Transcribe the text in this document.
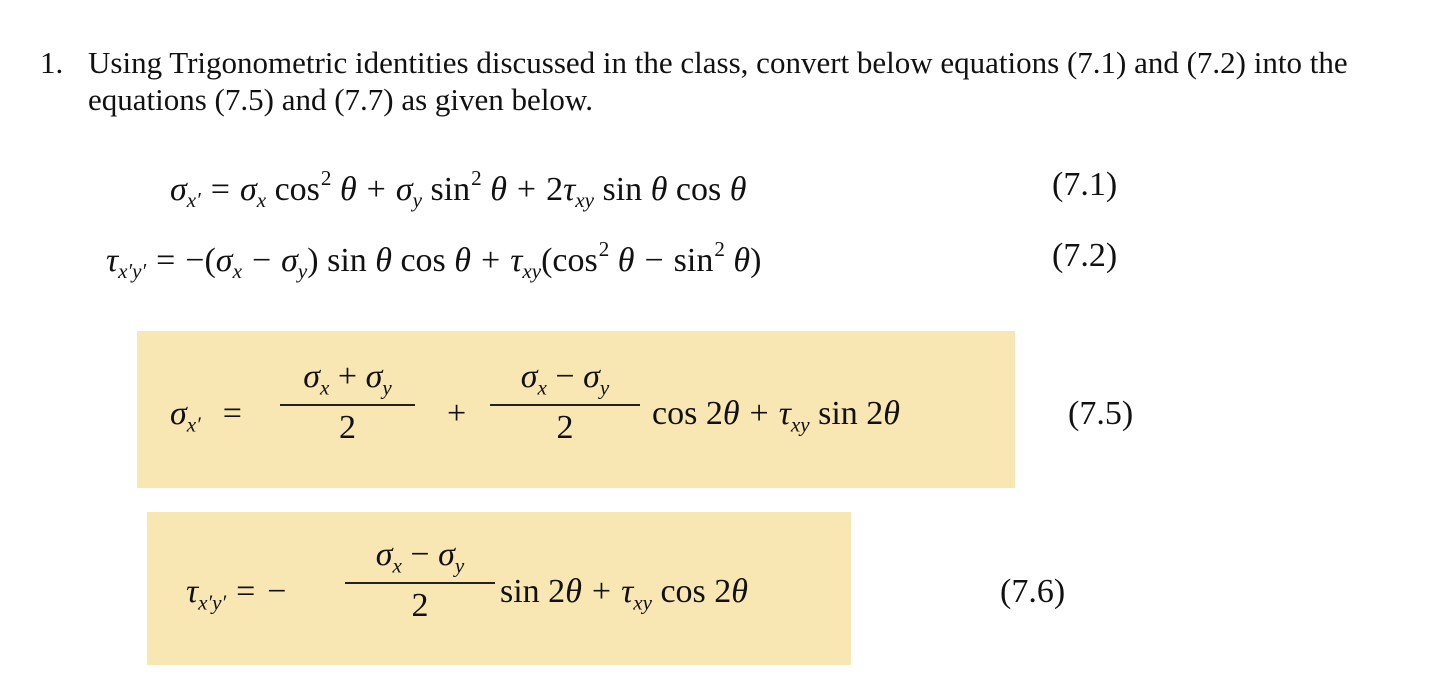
1. Using Trigonometric identities discussed in the class, convert below equations (7.1) and (7.2) into the equations (7.5) and (7.7) as given below.
$\sigma_{x'} = \sigma_x$ $\cos^2 \theta + \sigma_y$ $\sin^2 \theta + 2\tau_{xy}$ sin θ cos θ	(7.1)
$\tau_{x'y'} = -(\sigma_x - \sigma_y)$ sin θ $\cos \theta + \tau_{xy}(\cos^2$ $\theta - \sin^2 \theta$)	(7.2)
$\sigma_{x'}$ =
$\sigma_x + \sigma_y$
2	+
$\sigma_x - \sigma_y$
2	$\cos 2\theta + \tau_{xy}$ sin 2θ	(7.5)
$\tau_{x'y'}$ = −
$\sigma_x - \sigma_y$
2	$\sin 2\theta + \tau_{xy}$ cos 2θ	(7.6)
